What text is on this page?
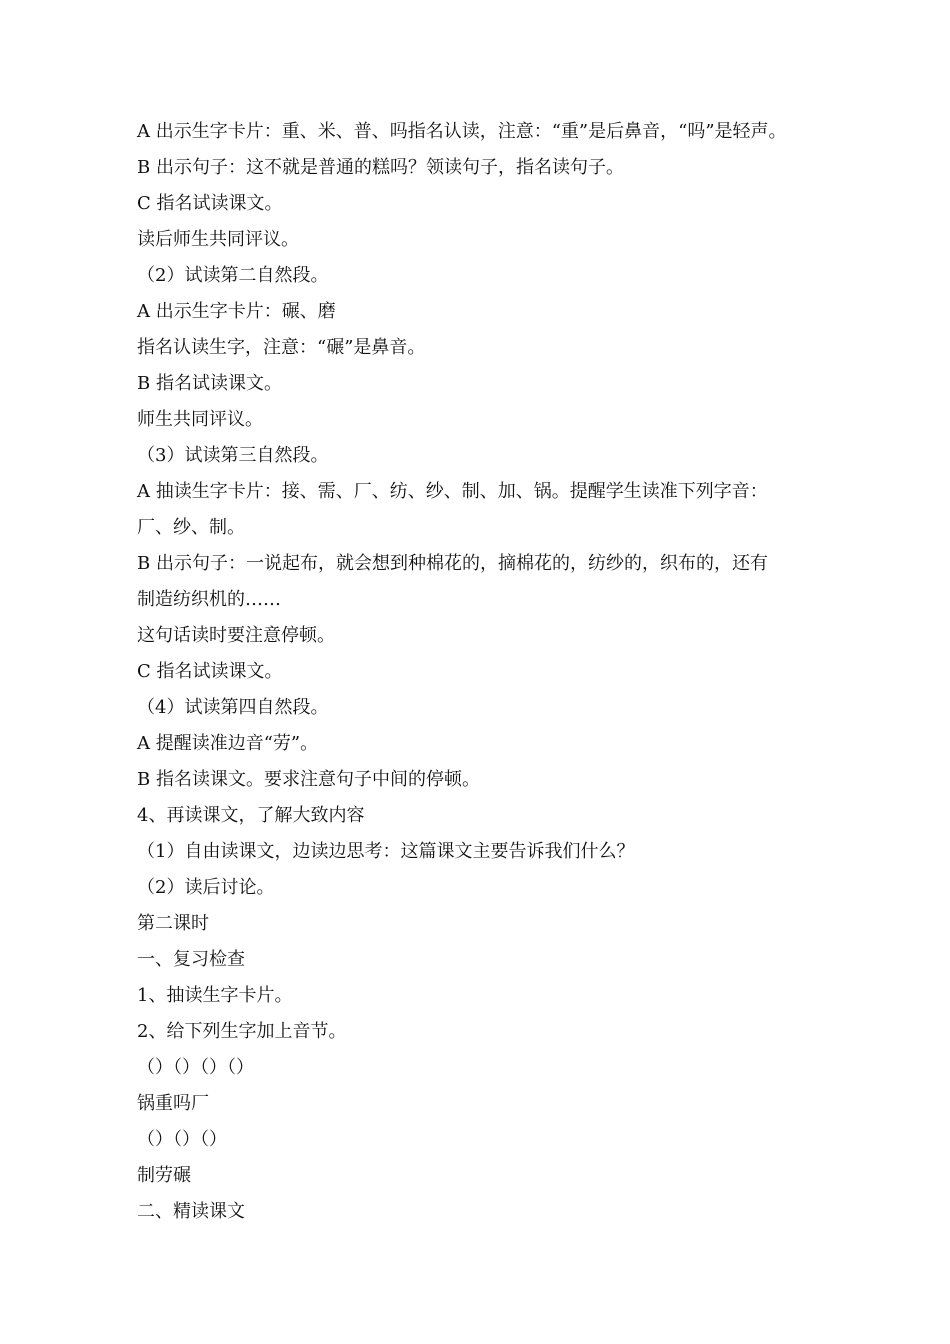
A 出示生字卡片：重、米、普、吗指名认读，注意：“重”是后鼻音，“吗”是轻声。

B 出示句子：这不就是普通的糕吗？领读句子，指名读句子。

C 指名试读课文。

读后师生共同评议。

（2）试读第二自然段。

A 出示生字卡片：碾、磨

指名认读生字，注意：“碾”是鼻音。

B 指名试读课文。

师生共同评议。

（3）试读第三自然段。

A 抽读生字卡片：接、需、厂、纺、纱、制、加、锅。提醒学生读准下列字音：

厂、纱、制。

B 出示句子：一说起布，就会想到种棉花的，摘棉花的，纺纱的，织布的，还有

制造纺织机的……

这句话读时要注意停顿。

C 指名试读课文。

（4）试读第四自然段。

A 提醒读准边音“劳”。

B 指名读课文。要求注意句子中间的停顿。

4、再读课文，了解大致内容

（1）自由读课文，边读边思考：这篇课文主要告诉我们什么？

（2）读后讨论。

第二课时

一、复习检查

1、抽读生字卡片。

2、给下列生字加上音节。

（）（）（）（）

锅重吗厂

（）（）（）

制劳碾

二、精读课文
